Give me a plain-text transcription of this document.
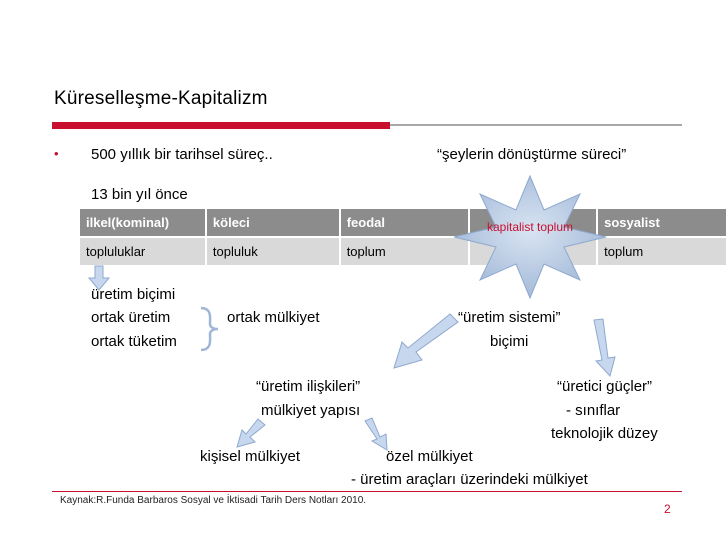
Küreselleşme-Kapitalizm
• 500 yıllık bir tarihsel süreç..	“şeylerin dönüştürme süreci”
13 bin yıl önce
ilkel(kominal)	köleci	feodal		sosyalist
topluluklar	topluluk	toplum		toplum
kapitalist toplum
üretim biçimi
ortak üretim
ortak tüketim
ortak mülkiyet	“üretim sistemi”
biçimi
“üretim ilişkileri”
mülkiyet yapısı
“üretici güçler”
- sınıflar
teknolojik düzey
kişisel mülkiyet	özel mülkiyet
- üretim araçları üzerindeki mülkiyet
Kaynak:R.Funda Barbaros Sosyal ve İktisadi Tarih Ders Notları 2010.
2
